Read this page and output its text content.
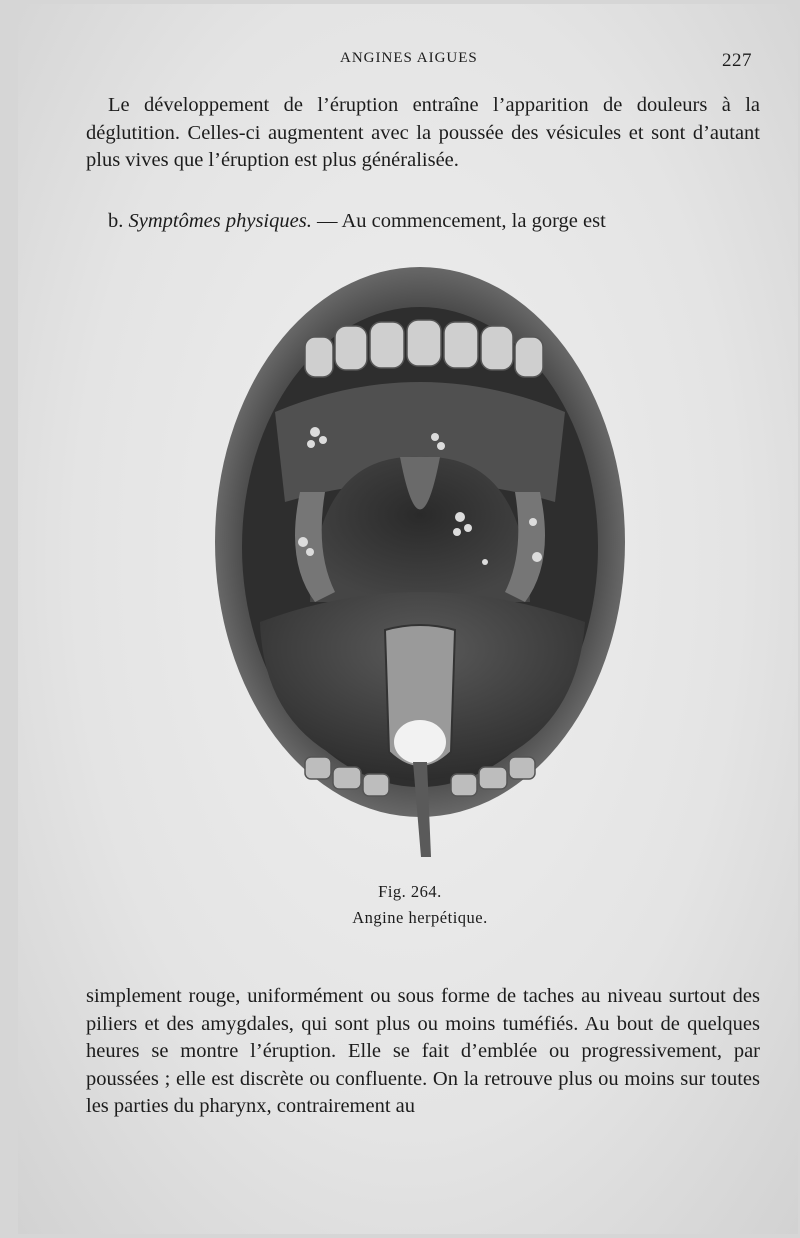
ANGINES AIGUES	227

Le développement de l’éruption entraîne l’apparition de douleurs à la déglutition. Celles-ci augmentent avec la poussée des vésicules et sont d’autant plus vives que l’éruption est plus généralisée.

b. Symptômes physiques. — Au commencement, la gorge est

Fig. 264.
Angine herpétique.

simplement rouge, uniformément ou sous forme de taches au niveau surtout des piliers et des amygdales, qui sont plus ou moins tuméfiés. Au bout de quelques heures se montre l’éruption. Elle se fait d’emblée ou progressivement, par poussées ; elle est discrète ou confluente. On la retrouve plus ou moins sur toutes les parties du pharynx, contrairement au
